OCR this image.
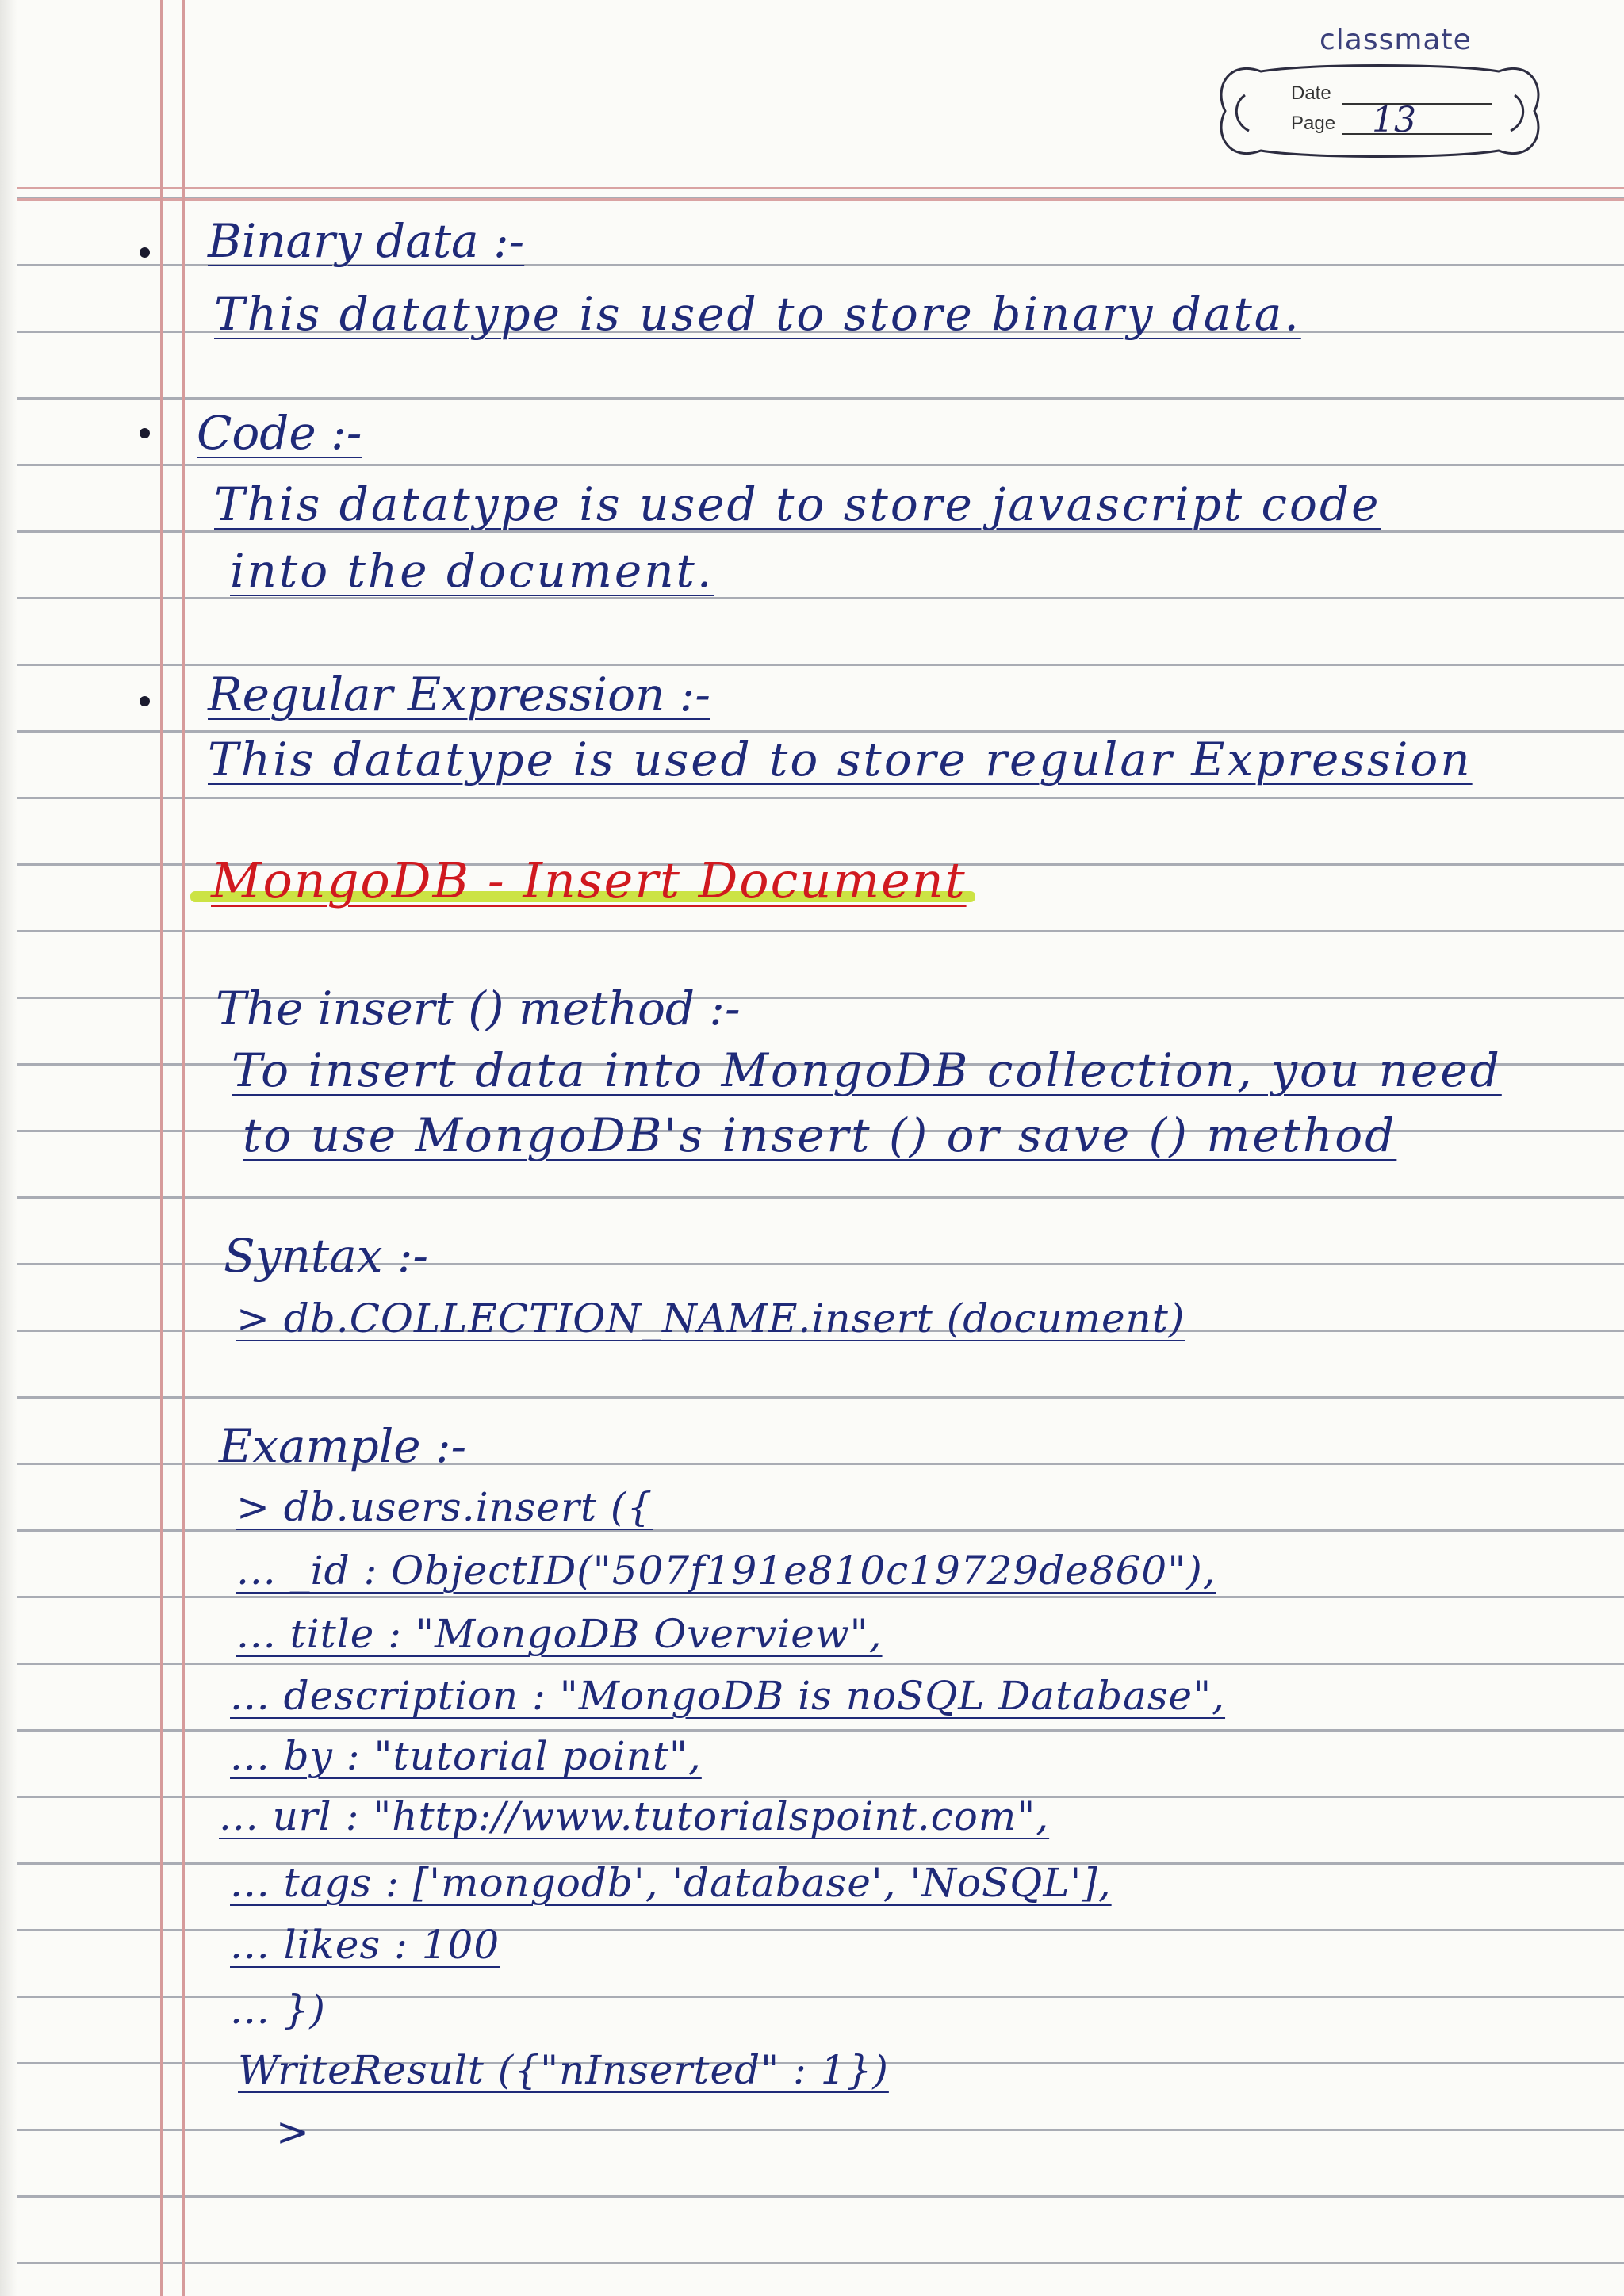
classmate
Date
Page 13

Binary data :-

This datatype is used to store binary data.

Code :-

This datatype is used to store javascript code

into the document.

Regular Expression :-

This datatype is used to store regular Expression

MongoDB - Insert Document

The insert () method :-

To insert data into MongoDB collection, you need

to use MongoDB's insert () or save () method

Syntax :-

> db.COLLECTION_NAME.insert (document)

Example :-

> db.users.insert ({

... _id : ObjectID("507f191e810c19729de860"),

... title : "MongoDB Overview",

... description : "MongoDB is noSQL Database",

... by : "tutorial point",

... url : "http://www.tutorialspoint.com",

... tags : ['mongodb', 'database', 'NoSQL'],

... likes : 100

... })

WriteResult ({"nInserted" : 1})

>
